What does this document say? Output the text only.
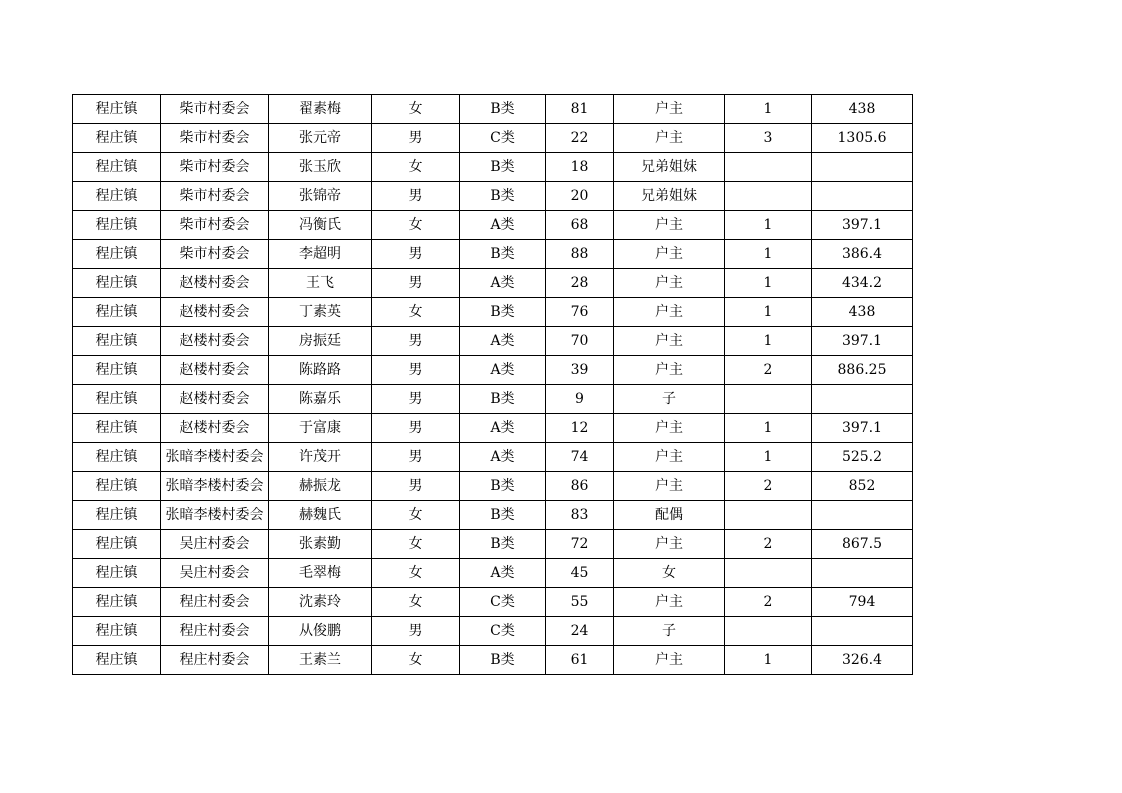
程庄镇	柴市村委会	翟素梅	女	B类	81	户主	1	438
程庄镇	柴市村委会	张元帝	男	C类	22	户主	3	1305.6
程庄镇	柴市村委会	张玉欣	女	B类	18	兄弟姐妹		
程庄镇	柴市村委会	张锦帝	男	B类	20	兄弟姐妹		
程庄镇	柴市村委会	冯衡氏	女	A类	68	户主	1	397.1
程庄镇	柴市村委会	李超明	男	B类	88	户主	1	386.4
程庄镇	赵楼村委会	王飞	男	A类	28	户主	1	434.2
程庄镇	赵楼村委会	丁素英	女	B类	76	户主	1	438
程庄镇	赵楼村委会	房振廷	男	A类	70	户主	1	397.1
程庄镇	赵楼村委会	陈路路	男	A类	39	户主	2	886.25
程庄镇	赵楼村委会	陈嘉乐	男	B类	9	子		
程庄镇	赵楼村委会	于富康	男	A类	12	户主	1	397.1
程庄镇	张暗李楼村委会	许茂开	男	A类	74	户主	1	525.2
程庄镇	张暗李楼村委会	赫振龙	男	B类	86	户主	2	852
程庄镇	张暗李楼村委会	赫魏氏	女	B类	83	配偶		
程庄镇	吴庄村委会	张素勤	女	B类	72	户主	2	867.5
程庄镇	吴庄村委会	毛翠梅	女	A类	45	女		
程庄镇	程庄村委会	沈素玲	女	C类	55	户主	2	794
程庄镇	程庄村委会	从俊鹏	男	C类	24	子		
程庄镇	程庄村委会	王素兰	女	B类	61	户主	1	326.4
